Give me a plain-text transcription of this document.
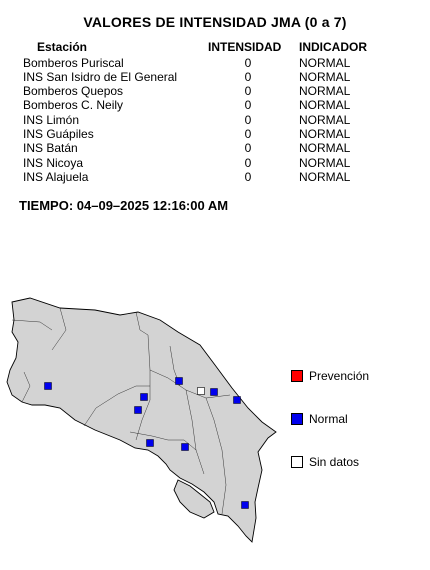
VALORES DE INTENSIDAD JMA (0 a 7)
Estación	INTENSIDAD INDICADOR
Bomberos Puriscal	0	NORMAL
INS San Isidro de El General	0	NORMAL
Bomberos Quepos	0	NORMAL
Bomberos C. Neily	0	NORMAL
INS Limón	0	NORMAL
INS Guápiles	0	NORMAL
INS Batán	0	NORMAL
INS Nicoya	0	NORMAL
INS Alajuela	0	NORMAL
TIEMPO: 04–09–2025 12:16:00 AM
Prevención
Normal
Sin datos
